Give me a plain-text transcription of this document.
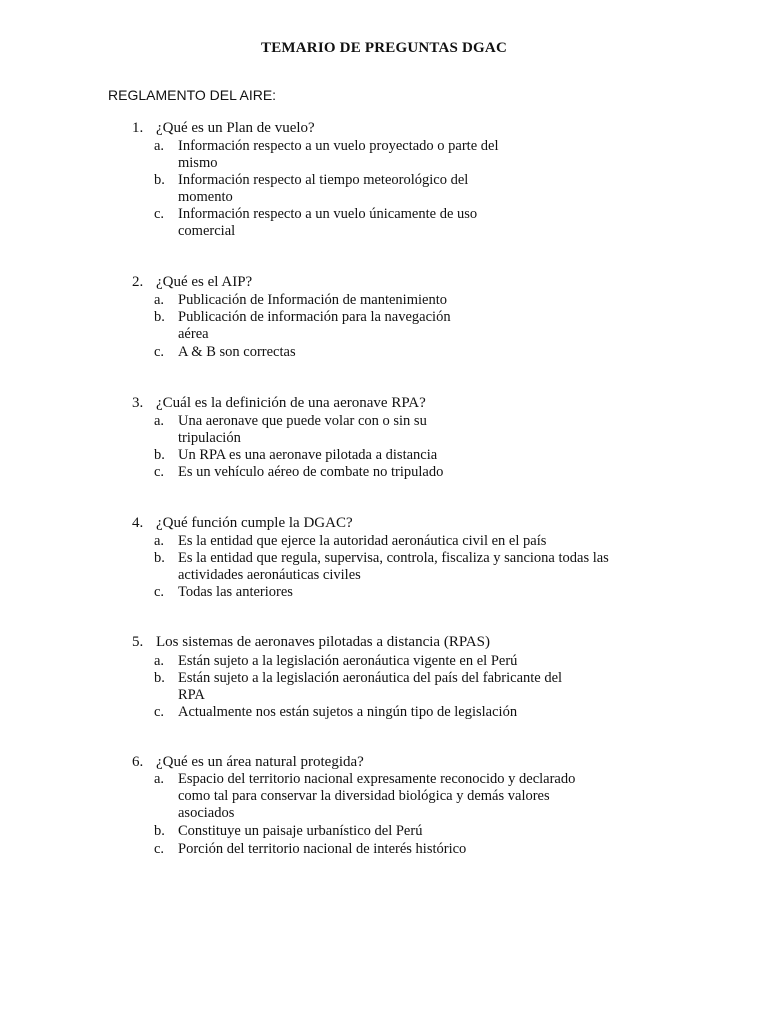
TEMARIO DE PREGUNTAS DGAC
REGLAMENTO DEL AIRE:
1. ¿Qué es un Plan de vuelo?
a. Información respecto a un vuelo proyectado o parte del
mismo
b. Información respecto al tiempo meteorológico del
momento
c. Información respecto a un vuelo únicamente de uso
comercial
2. ¿Qué es el AIP?
a. Publicación de Información de mantenimiento
b. Publicación de información para la navegación
aérea
c. A & B son correctas
3. ¿Cuál es la definición de una aeronave RPA?
a. Una aeronave que puede volar con o sin su
tripulación
b. Un RPA es una aeronave pilotada a distancia
c. Es un vehículo aéreo de combate no tripulado
4. ¿Qué función cumple la DGAC?
a. Es la entidad que ejerce la autoridad aeronáutica civil en el país
b. Es la entidad que regula, supervisa, controla, fiscaliza y sanciona todas las
actividades aeronáuticas civiles
c. Todas las anteriores
5. Los sistemas de aeronaves pilotadas a distancia (RPAS)
a. Están sujeto a la legislación aeronáutica vigente en el Perú
b. Están sujeto a la legislación aeronáutica del país del fabricante del
RPA
c. Actualmente nos están sujetos a ningún tipo de legislación
6. ¿Qué es un área natural protegida?
a. Espacio del territorio nacional expresamente reconocido y declarado
como tal para conservar la diversidad biológica y demás valores
asociados
b. Constituye un paisaje urbanístico del Perú
c. Porción del territorio nacional de interés histórico
